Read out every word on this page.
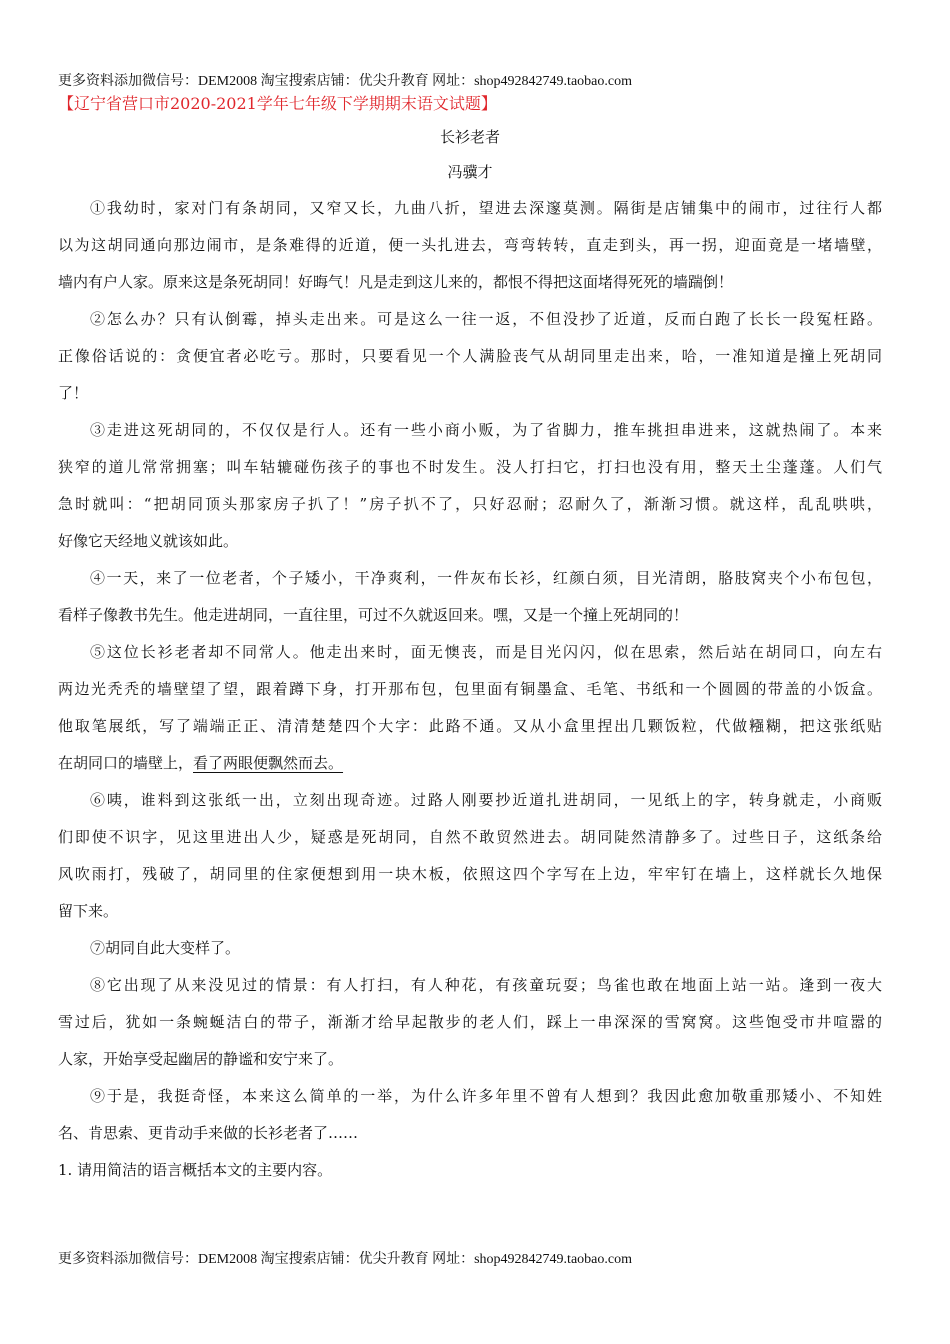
更多资料添加微信号：DEM2008 淘宝搜索店铺：优尖升教育 网址：shop492842749.taobao.com
【辽宁省营口市2020-2021学年七年级下学期期末语文试题】
长衫老者
冯骥才
①我幼时，家对门有条胡同，又窄又长，九曲八折，望进去深邃莫测。隔街是店铺集中的闹市，过往行人都
以为这胡同通向那边闹市，是条难得的近道，便一头扎进去，弯弯转转，直走到头，再一拐，迎面竟是一堵墙壁，
墙内有户人家。原来这是条死胡同！好晦气！凡是走到这儿来的，都恨不得把这面堵得死死的墙踹倒！
②怎么办？只有认倒霉，掉头走出来。可是这么一往一返，不但没抄了近道，反而白跑了长长一段冤枉路。
正像俗话说的：贪便宜者必吃亏。那时，只要看见一个人满脸丧气从胡同里走出来，哈，一准知道是撞上死胡同
了！
③走进这死胡同的，不仅仅是行人。还有一些小商小贩，为了省脚力，推车挑担串进来，这就热闹了。本来
狭窄的道儿常常拥塞；叫车轱辘碰伤孩子的事也不时发生。没人打扫它，打扫也没有用，整天土尘蓬蓬。人们气
急时就叫：“把胡同顶头那家房子扒了！”房子扒不了，只好忍耐；忍耐久了，渐渐习惯。就这样，乱乱哄哄，
好像它天经地义就该如此。
④一天，来了一位老者，个子矮小，干净爽利，一件灰布长衫，红颜白须，目光清朗，胳肢窝夹个小布包包，
看样子像教书先生。他走进胡同，一直往里，可过不久就返回来。嘿，又是一个撞上死胡同的！
⑤这位长衫老者却不同常人。他走出来时，面无懊丧，而是目光闪闪，似在思索，然后站在胡同口，向左右
两边光秃秃的墙壁望了望，跟着蹲下身，打开那布包，包里面有铜墨盒、毛笔、书纸和一个圆圆的带盖的小饭盒。
他取笔展纸，写了端端正正、清清楚楚四个大字：此路不通。又从小盒里捏出几颗饭粒，代做糨糊，把这张纸贴
在胡同口的墙壁上，看了两眼便飘然而去。
⑥咦，谁料到这张纸一出，立刻出现奇迹。过路人刚要抄近道扎进胡同，一见纸上的字，转身就走，小商贩
们即使不识字，见这里进出人少，疑惑是死胡同，自然不敢贸然进去。胡同陡然清静多了。过些日子，这纸条给
风吹雨打，残破了，胡同里的住家便想到用一块木板，依照这四个字写在上边，牢牢钉在墙上，这样就长久地保
留下来。
⑦胡同自此大变样了。
⑧它出现了从来没见过的情景：有人打扫，有人种花，有孩童玩耍；鸟雀也敢在地面上站一站。逢到一夜大
雪过后，犹如一条蜿蜒洁白的带子，渐渐才给早起散步的老人们，踩上一串深深的雪窝窝。这些饱受市井喧嚣的
人家，开始享受起幽居的静谧和安宁来了。
⑨于是，我挺奇怪，本来这么简单的一举，为什么许多年里不曾有人想到？我因此愈加敬重那矮小、不知姓
名、肯思索、更肯动手来做的长衫老者了……
1. 请用简洁的语言概括本文的主要内容。
更多资料添加微信号：DEM2008 淘宝搜索店铺：优尖升教育 网址：shop492842749.taobao.com
